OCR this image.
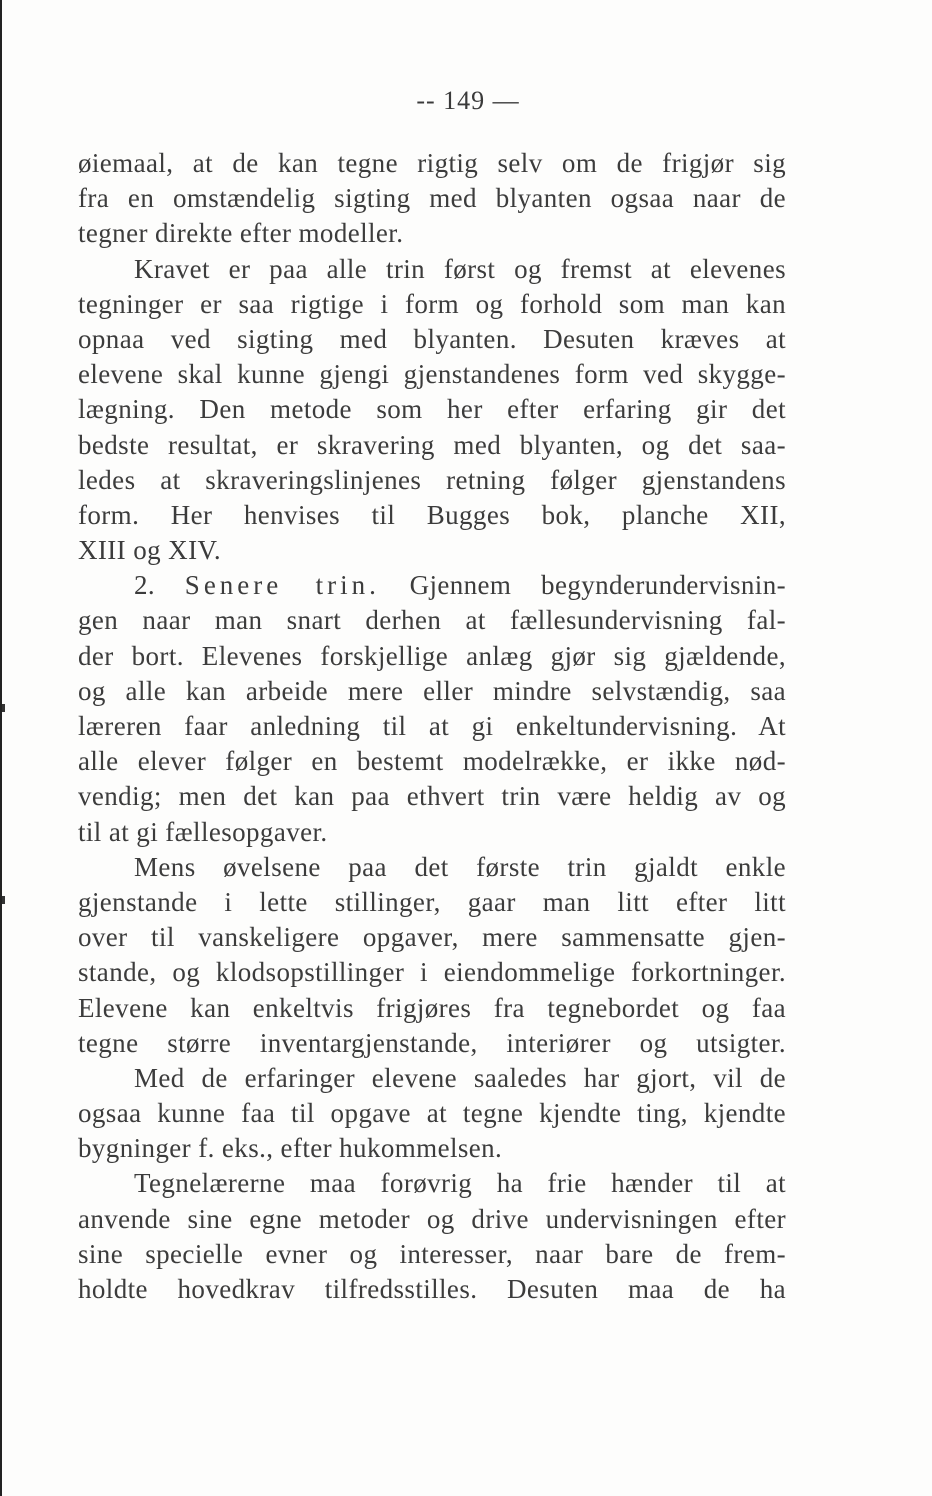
-- 149 —
øiemaal, at de kan tegne rigtig selv om de frigjør sig
fra en omstændelig sigting med blyanten ogsaa naar de
tegner direkte efter modeller.
Kravet er paa alle trin først og fremst at elevenes
tegninger er saa rigtige i form og forhold som man kan
opnaa ved sigting med blyanten. Desuten kræves at
elevene skal kunne gjengi gjenstandenes form ved skygge-
lægning. Den metode som her efter erfaring gir det
bedste resultat, er skravering med blyanten, og det saa-
ledes at skraveringslinjenes retning følger gjenstandens
form. Her henvises til Bugges bok, planche XII,
XIII og XIV.
2. Senere trin. Gjennem begynderundervisnin-
gen naar man snart derhen at fællesundervisning fal-
der bort. Elevenes forskjellige anlæg gjør sig gjældende,
og alle kan arbeide mere eller mindre selvstændig, saa
læreren faar anledning til at gi enkeltundervisning. At
alle elever følger en bestemt modelrække, er ikke nød-
vendig; men det kan paa ethvert trin være heldig av og
til at gi fællesopgaver.
Mens øvelsene paa det første trin gjaldt enkle
gjenstande i lette stillinger, gaar man litt efter litt
over til vanskeligere opgaver, mere sammensatte gjen-
stande, og klodsopstillinger i eiendommelige forkortninger.
Elevene kan enkeltvis frigjøres fra tegnebordet og faa
tegne større inventargjenstande, interiører og utsigter.
Med de erfaringer elevene saaledes har gjort, vil de
ogsaa kunne faa til opgave at tegne kjendte ting, kjendte
bygninger f. eks., efter hukommelsen.
Tegnelærerne maa forøvrig ha frie hænder til at
anvende sine egne metoder og drive undervisningen efter
sine specielle evner og interesser, naar bare de frem-
holdte hovedkrav tilfredsstilles. Desuten maa de ha
